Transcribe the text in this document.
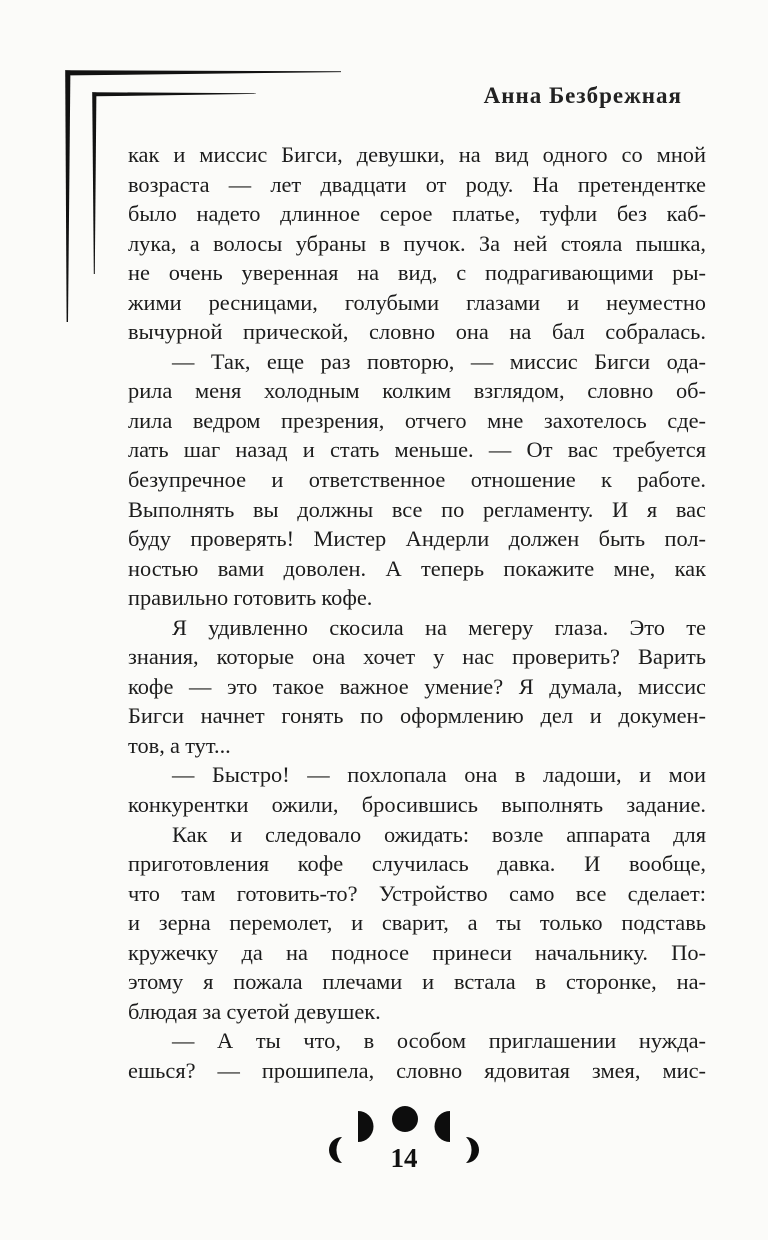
Анна Безбрежная
как и миссис Бигси, девушки, на вид одного со мной
возраста — лет двадцати от роду. На претендентке
было надето длинное серое платье, туфли без каб-
лука, а волосы убраны в пучок. За ней стояла пышка,
не очень уверенная на вид, с подрагивающими ры-
жими ресницами, голубыми глазами и неуместно
вычурной прической, словно она на бал собралась.
— Так, еще раз повторю, — миссис Бигси ода-
рила меня холодным колким взглядом, словно об-
лила ведром презрения, отчего мне захотелось сде-
лать шаг назад и стать меньше. — От вас требуется
безупречное и ответственное отношение к работе.
Выполнять вы должны все по регламенту. И я вас
буду проверять! Мистер Андерли должен быть пол-
ностью вами доволен. А теперь покажите мне, как
правильно готовить кофе.
Я удивленно скосила на мегеру глаза. Это те
знания, которые она хочет у нас проверить? Варить
кофе — это такое важное умение? Я думала, миссис
Бигси начнет гонять по оформлению дел и докумен-
тов, а тут...
— Быстро! — похлопала она в ладоши, и мои
конкурентки ожили, бросившись выполнять задание.
Как и следовало ожидать: возле аппарата для
приготовления кофе случилась давка. И вообще,
что там готовить-то? Устройство само все сделает:
и зерна перемолет, и сварит, а ты только подставь
кружечку да на подносе принеси начальнику. По-
этому я пожала плечами и встала в сторонке, на-
блюдая за суетой девушек.
— А ты что, в особом приглашении нужда-
ешься? — прошипела, словно ядовитая змея, мис-
14
